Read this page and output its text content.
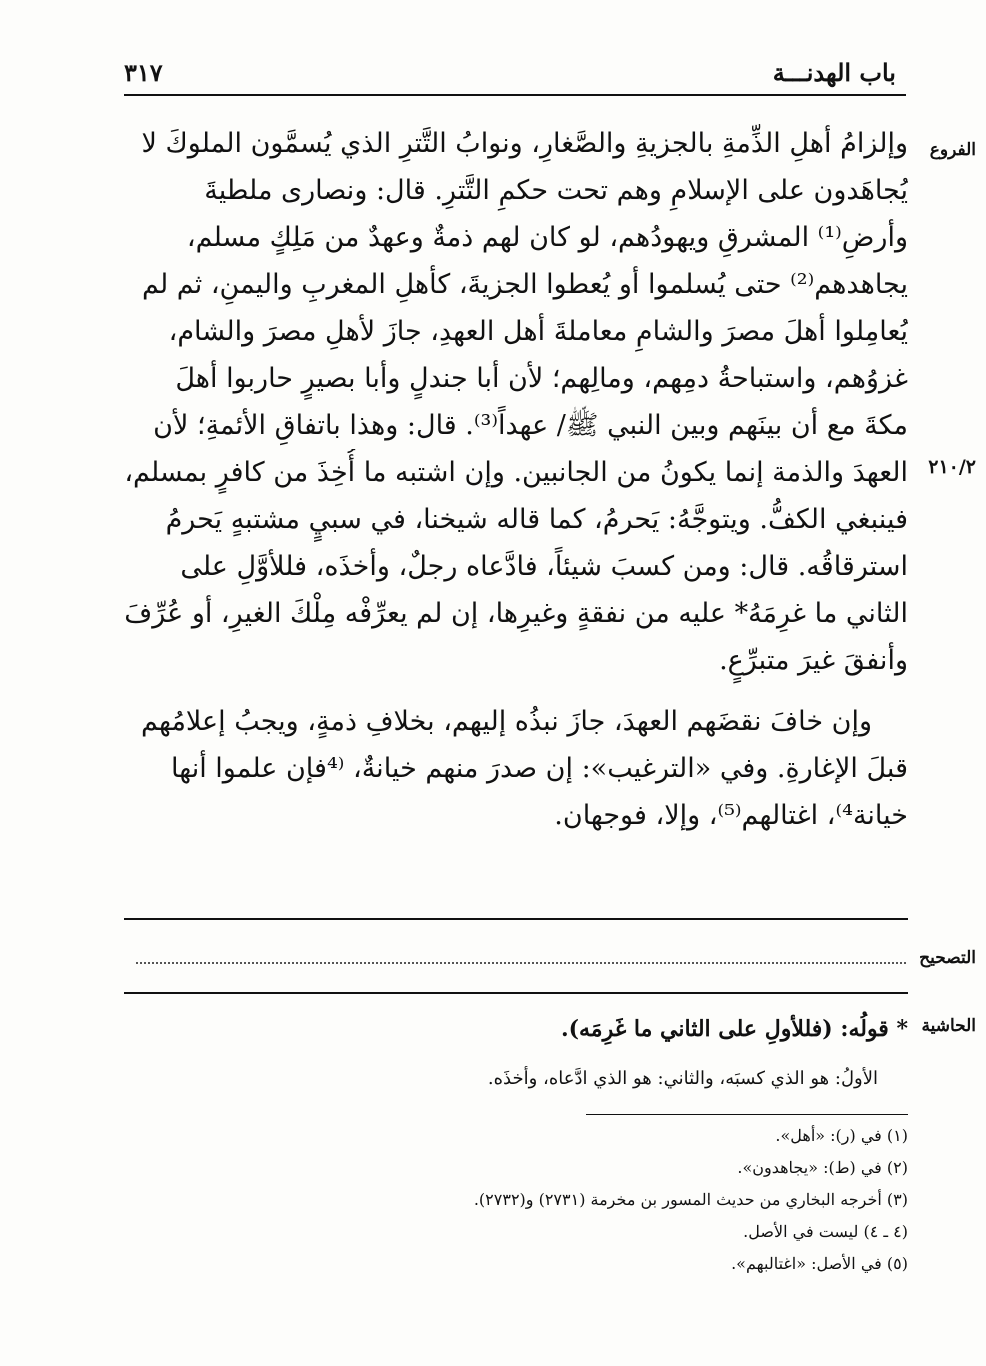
باب الهدنـــة
٣١٧
الفروع
٢١٠/٢
التصحيح
الحاشية
وإلزامُ أهلِ الذِّمةِ بالجزيةِ والصَّغارِ، ونوابُ التَّترِ الذي يُسمَّون الملوكَ لا
يُجاهَدون على الإسلامِ وهم تحت حكمِ التَّترِ. قال: ونصارى ملطيةَ
وأرضِ⁽¹⁾ المشرقِ ويهودُهم، لو كان لهم ذمةٌ وعهدٌ من مَلِكٍ مسلم،
يجاهدهم⁽²⁾ حتى يُسلموا أو يُعطوا الجزيةَ، كأهلِ المغربِ واليمنِ، ثم لم
يُعامِلوا أهلَ مصرَ والشامِ معاملةَ أهل العهدِ، جازَ لأهلِ مصرَ والشام،
غزوُهم، واستباحةُ دمِهم، ومالِهم؛ لأن أبا جندلٍ وأبا بصيرٍ حاربوا أهلَ
مكةَ مع أن بينَهم وبين النبي ﷺ/ عهداً⁽³⁾. قال: وهذا باتفاقِ الأئمةِ؛ لأن
العهدَ والذمة إنما يكونُ من الجانبين. وإن اشتبه ما أُخِذَ من كافرٍ بمسلم،
فينبغي الكفُّ. ويتوجَّهُ: يَحرمُ، كما قاله شيخنا، في سبيٍ مشتبهٍ يَحرمُ
استرقاقُه. قال: ومن كسبَ شيئاً، فادَّعاه رجلٌ، وأخذَه، فللأوَّلِ على
الثاني ما غرِمَهُ* عليه من نفقةٍ وغيرِها، إن لم يعرِّفْه مِلْكَ الغيرِ، أو عُرِّفَ
وأنفقَ غيرَ متبرِّعٍ.
وإن خافَ نقضَهم العهدَ، جازَ نبذُه إليهم، بخلافِ ذمةٍ، ويجبُ إعلامُهم
قبلَ الإغارةِ. وفي «الترغيب»: إن صدرَ منهم خيانةٌ، ⁽⁴فإن علموا أنها
خيانة⁴⁾، اغتالهم⁽⁵⁾، وإلا، فوجهان.
* قولُه: (فللأولِ على الثاني ما غَرِمَه).
الأولُ: هو الذي كسبَه، والثاني: هو الذي ادَّعاه، وأخذَه.
(١) في (ر): «أهل».
(٢) في (ط): «يجاهدون».
(٣) أخرجه البخاري من حديث المسور بن مخرمة (٢٧٣١) و(٢٧٣٢).
(٤ ـ ٤) ليست في الأصل.
(٥) في الأصل: «اغتالبهم».
